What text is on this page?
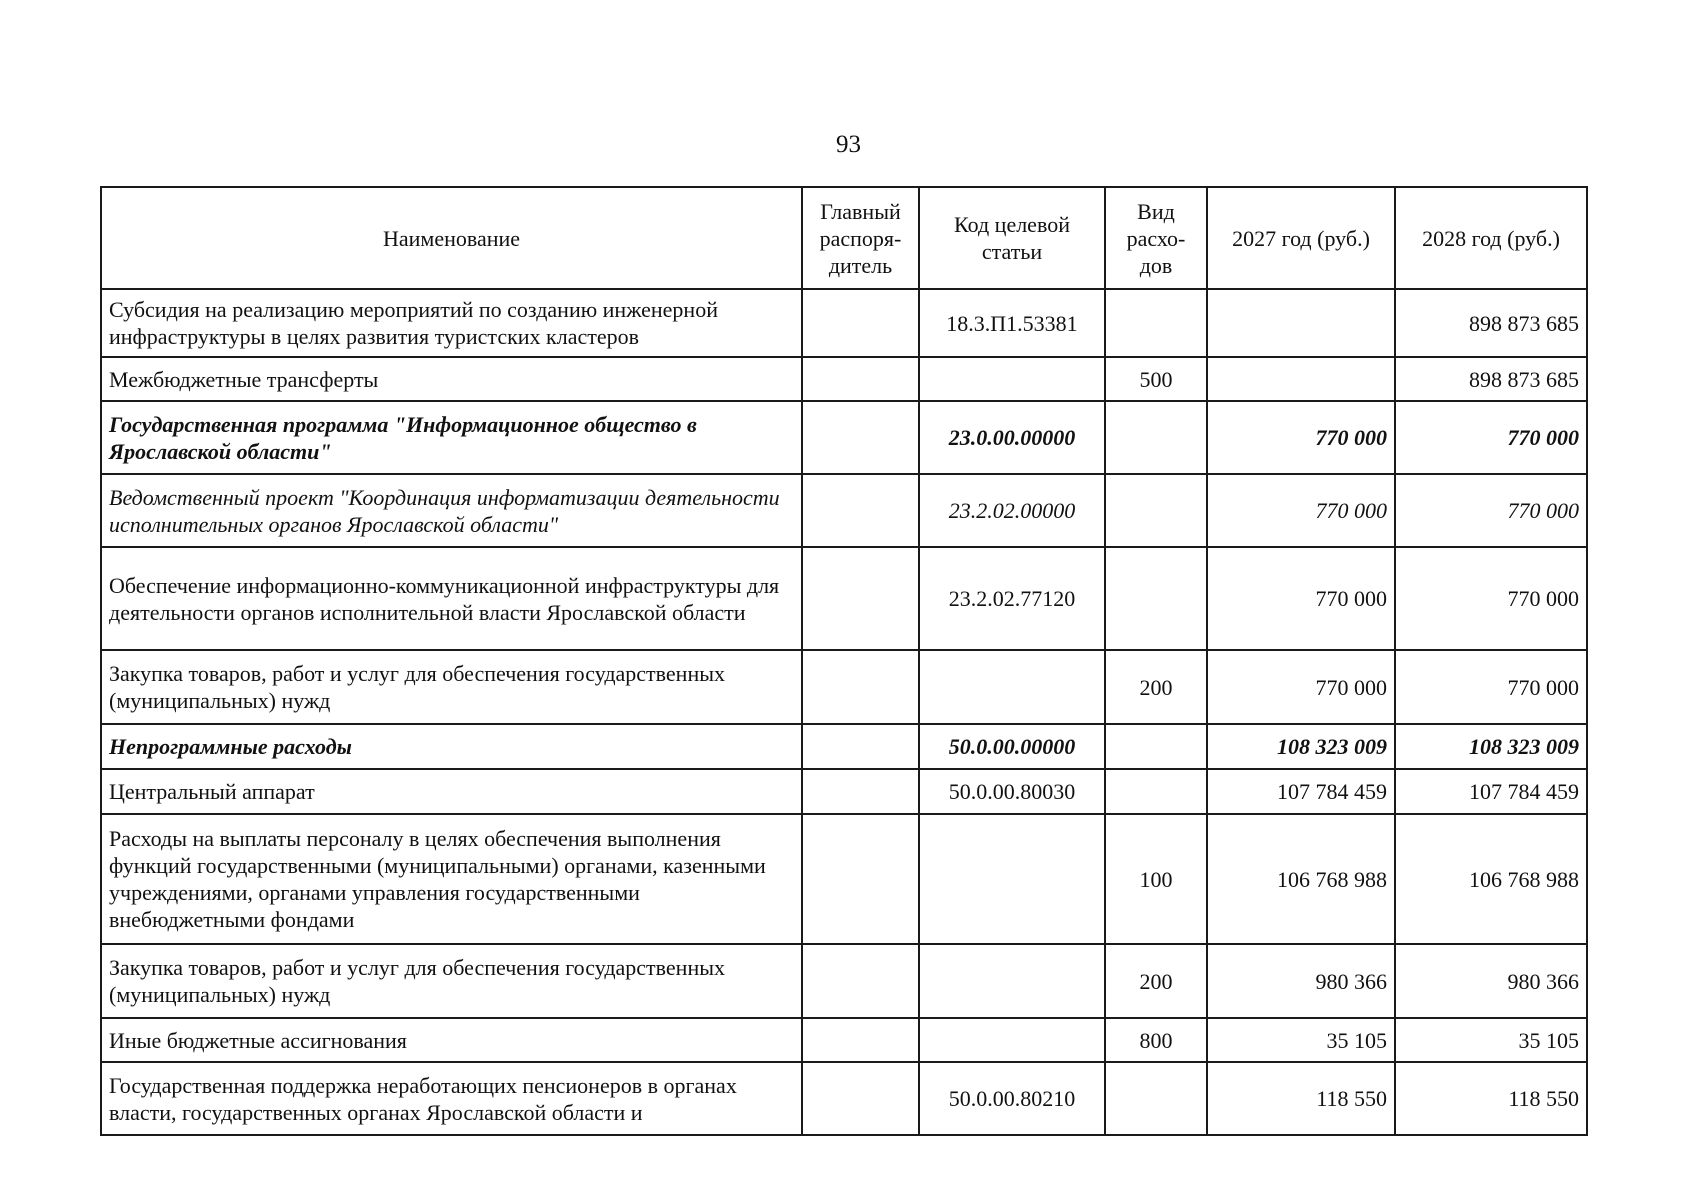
93
Наименование	Главный распоря-дитель	Код целевой статьи	Вид расхо-дов	2027 год (руб.)	2028 год (руб.)
Субсидия на реализацию мероприятий по созданию инженерной инфраструктуры в целях развития туристских кластеров		18.3.П1.53381			898 873 685
Межбюджетные трансферты			500		898 873 685
Государственная программа "Информационное общество в Ярославской области"		23.0.00.00000		770 000	770 000
Ведомственный проект "Координация информатизации деятельности исполнительных органов Ярославской области"		23.2.02.00000		770 000	770 000
Обеспечение информационно-коммуникационной инфраструктуры для деятельности органов исполнительной власти Ярославской области		23.2.02.77120		770 000	770 000
Закупка товаров, работ и услуг для обеспечения государственных (муниципальных) нужд			200	770 000	770 000
Непрограммные расходы		50.0.00.00000		108 323 009	108 323 009
Центральный аппарат		50.0.00.80030		107 784 459	107 784 459
Расходы на выплаты персоналу в целях обеспечения выполнения функций государственными (муниципальными) органами, казенными учреждениями, органами управления государственными внебюджетными фондами			100	106 768 988	106 768 988
Закупка товаров, работ и услуг для обеспечения государственных (муниципальных) нужд			200	980 366	980 366
Иные бюджетные ассигнования			800	35 105	35 105
Государственная поддержка неработающих пенсионеров в органах власти, государственных органах Ярославской области и		50.0.00.80210		118 550	118 550
